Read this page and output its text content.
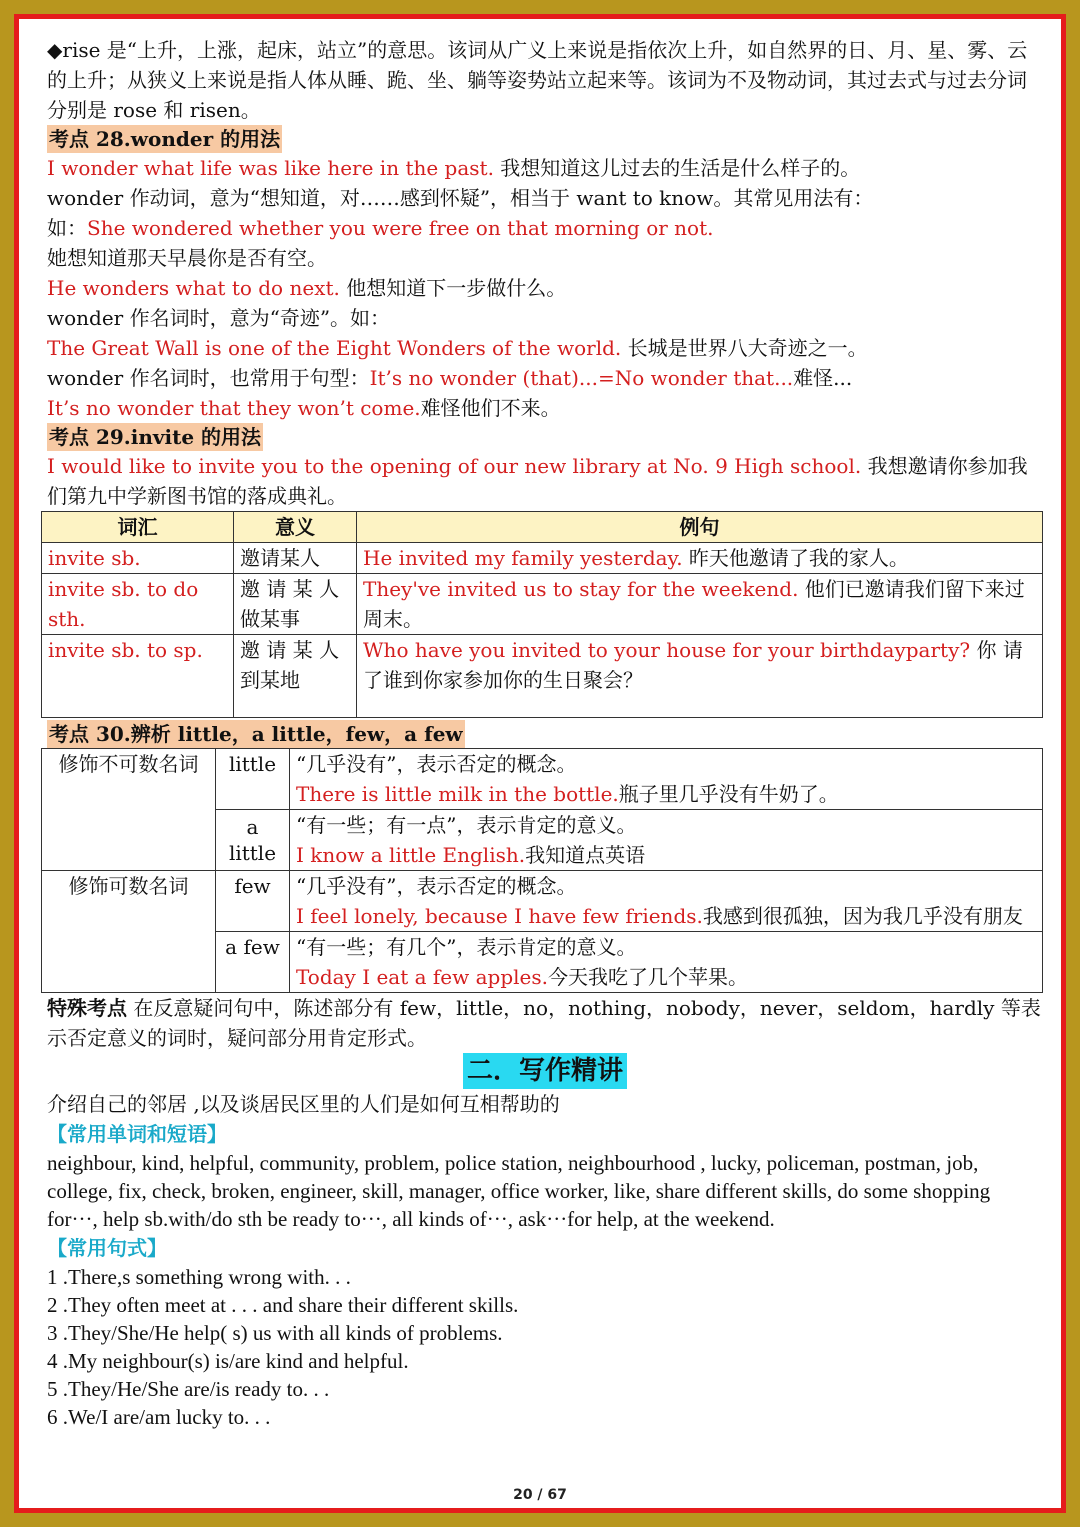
◆rise 是“上升，上涨，起床，站立”的意思。该词从广义上来说是指依次上升，如自然界的日、月、星、雾、云的上升；从狭义上来说是指人体从睡、跪、坐、躺等姿势站立起来等。该词为不及物动词，其过去式与过去分词分别是 rose 和 risen。

考点 28.wonder 的用法

I wonder what life was like here in the past. 我想知道这儿过去的生活是什么样子的。

wonder 作动词，意为“想知道，对……感到怀疑”，相当于 want to know。其常见用法有：

如：She wondered whether you were free on that morning or not.

她想知道那天早晨你是否有空。

He wonders what to do next. 他想知道下一步做什么。

wonder 作名词时，意为“奇迹”。如：

The Great Wall is one of the Eight Wonders of the world. 长城是世界八大奇迹之一。

wonder 作名词时，也常用于句型：It’s no wonder (that)...=No wonder that...难怪...

It’s no wonder that they won’t come.难怪他们不来。

考点 29.invite 的用法

I would like to invite you to the opening of our new library at No. 9 High school. 我想邀请你参加我们第九中学新图书馆的落成典礼。

词汇	意义	例句
invite sb.	邀请某人	He invited my family yesterday. 昨天他邀请了我的家人。
invite sb. to do sth.	邀 请 某 人做某事	They've invited us to stay for the weekend. 他们已邀请我们留下来过周末。
invite sb. to sp.	邀 请 某 人到某地	Who have you invited to your house for your birthdayparty? 你 请 了谁到你家参加你的生日聚会？
考点 30.辨析 little，a little，few，a few
修饰不可数名词	little	“几乎没有”，表示否定的概念。
There is little milk in the bottle.瓶子里几乎没有牛奶了。

	a little	“有一些；有一点”，表示肯定的意义。
I know a little English.我知道点英语

修饰可数名词	few	“几乎没有”，表示否定的概念。
I feel lonely, because I have few friends.我感到很孤独，因为我几乎没有朋友

	a few	“有一些；有几个”，表示肯定的意义。
Today I eat a few apples.今天我吃了几个苹果。

特殊考点 在反意疑问句中，陈述部分有 few，little，no，nothing，nobody，never，seldom，hardly 等表示否定意义的词时，疑问部分用肯定形式。

二．写作精讲

介绍自己的邻居 ,以及谈居民区里的人们是如何互相帮助的

【常用单词和短语】

neighbour, kind, helpful, community, problem, police station, neighbourhood , lucky, policeman, postman, job, college, fix, check, broken, engineer, skill, manager, office worker, like, share different skills, do some shopping for···, help sb.with/do sth be ready to···, all kinds of···, ask···for help, at the weekend.

【常用句式】

1 .There,s something wrong with. . .

2 .They often meet at . . . and share their different skills.

3 .They/She/He help( s) us with all kinds of problems.

4 .My neighbour(s) is/are kind and helpful.

5 .They/He/She are/is ready to. . .

6 .We/I are/am lucky to. . .

20 / 67
